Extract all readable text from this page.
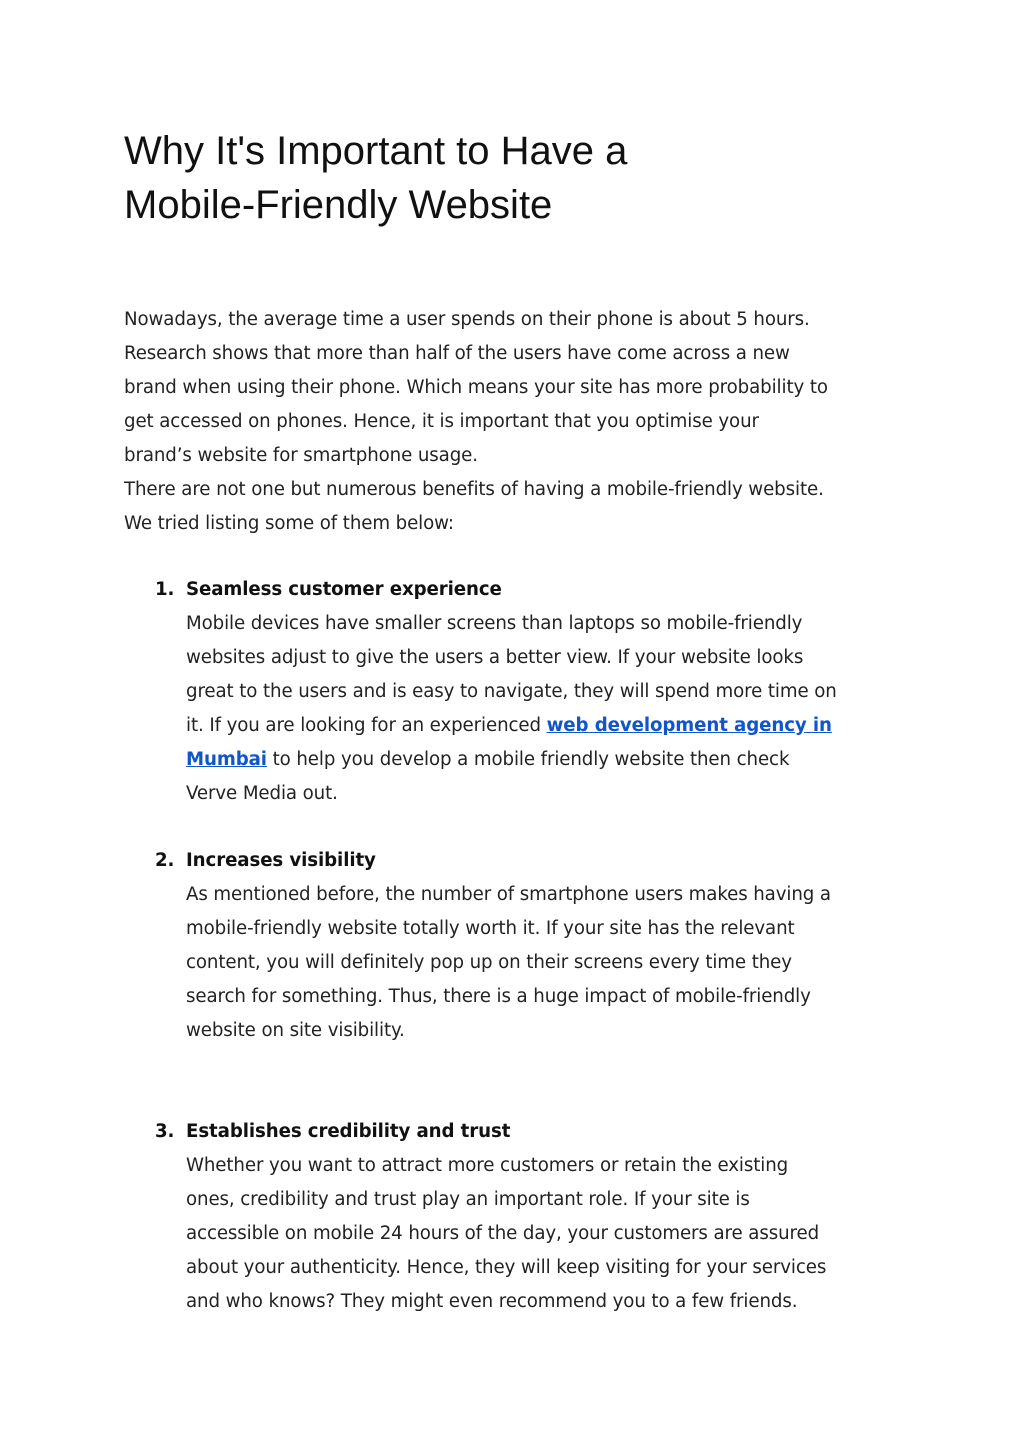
Why It's Important to Have a
Mobile-Friendly Website

Nowadays, the average time a user spends on their phone is about 5 hours.
Research shows that more than half of the users have come across a new
brand when using their phone. Which means your site has more probability to
get accessed on phones. Hence, it is important that you optimise your
brand’s website for smartphone usage.
There are not one but numerous benefits of having a mobile-friendly website.
We tried listing some of them below:

1. Seamless customer experience
Mobile devices have smaller screens than laptops so mobile-friendly
websites adjust to give the users a better view. If your website looks
great to the users and is easy to navigate, they will spend more time on
it. If you are looking for an experienced web development agency in
Mumbai to help you develop a mobile friendly website then check
Verve Media out.
2. Increases visibility
As mentioned before, the number of smartphone users makes having a
mobile-friendly website totally worth it. If your site has the relevant
content, you will definitely pop up on their screens every time they
search for something. Thus, there is a huge impact of mobile-friendly
website on site visibility.
3. Establishes credibility and trust
Whether you want to attract more customers or retain the existing
ones, credibility and trust play an important role. If your site is
accessible on mobile 24 hours of the day, your customers are assured
about your authenticity. Hence, they will keep visiting for your services
and who knows? They might even recommend you to a few friends.
